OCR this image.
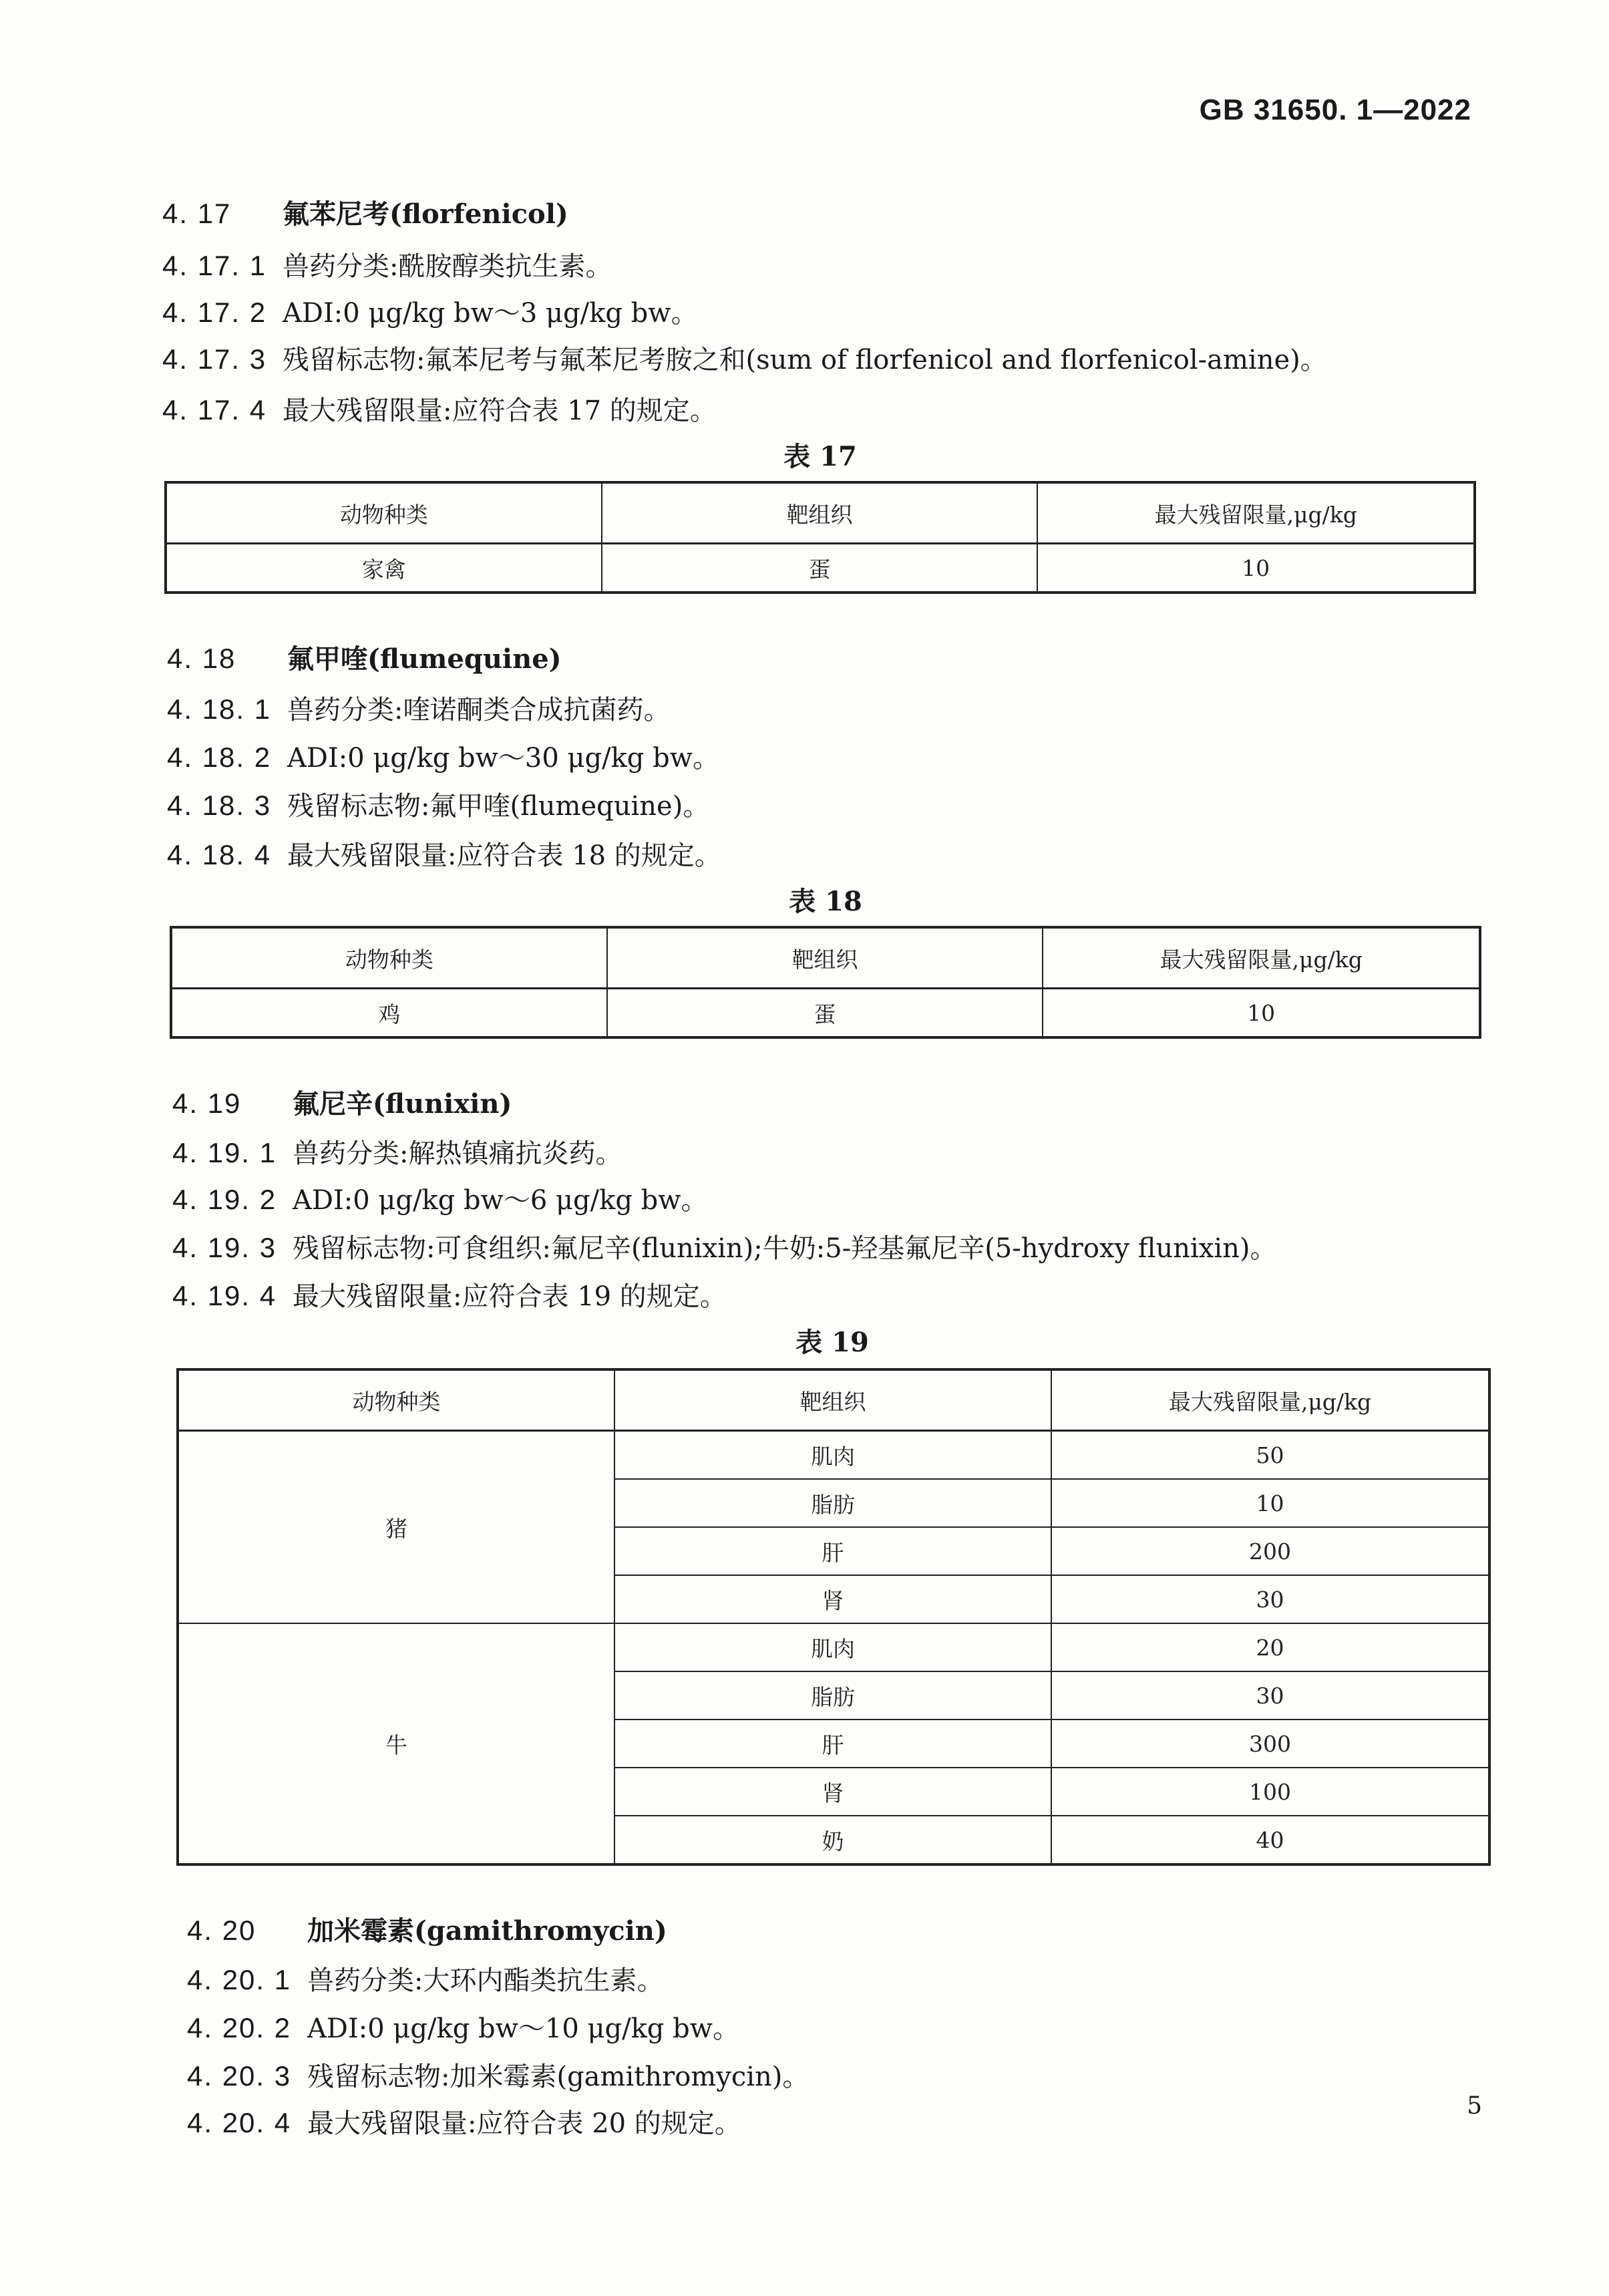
GB 31650. 1—2022
4. 17 氟苯尼考(florfenicol)
4. 17. 1 兽药分类:酰胺醇类抗生素。
4. 17. 2 ADI:0 μg/kg bw～3 μg/kg bw。
4. 17. 3 残留标志物:氟苯尼考与氟苯尼考胺之和(sum of florfenicol and florfenicol-amine)。
4. 17. 4 最大残留限量:应符合表 17 的规定。
表 17
动物种类	靶组织	最大残留限量,μg/kg
家禽	蛋	10
4. 18 氟甲喹(flumequine)
4. 18. 1 兽药分类:喹诺酮类合成抗菌药。
4. 18. 2 ADI:0 μg/kg bw～30 μg/kg bw。
4. 18. 3 残留标志物:氟甲喹(flumequine)。
4. 18. 4 最大残留限量:应符合表 18 的规定。
表 18
动物种类	靶组织	最大残留限量,μg/kg
鸡	蛋	10
4. 19 氟尼辛(flunixin)
4. 19. 1 兽药分类:解热镇痛抗炎药。
4. 19. 2 ADI:0 μg/kg bw～6 μg/kg bw。
4. 19. 3 残留标志物:可食组织:氟尼辛(flunixin);牛奶:5-羟基氟尼辛(5-hydroxy flunixin)。
4. 19. 4 最大残留限量:应符合表 19 的规定。
表 19
动物种类	靶组织	最大残留限量,μg/kg
猪	肌肉	50
	脂肪	10
	肝	200
	肾	30
牛	肌肉	20
	脂肪	30
	肝	300
	肾	100
	奶	40
4. 20 加米霉素(gamithromycin)
4. 20. 1 兽药分类:大环内酯类抗生素。
4. 20. 2 ADI:0 μg/kg bw～10 μg/kg bw。
4. 20. 3 残留标志物:加米霉素(gamithromycin)。
4. 20. 4 最大残留限量:应符合表 20 的规定。
5
